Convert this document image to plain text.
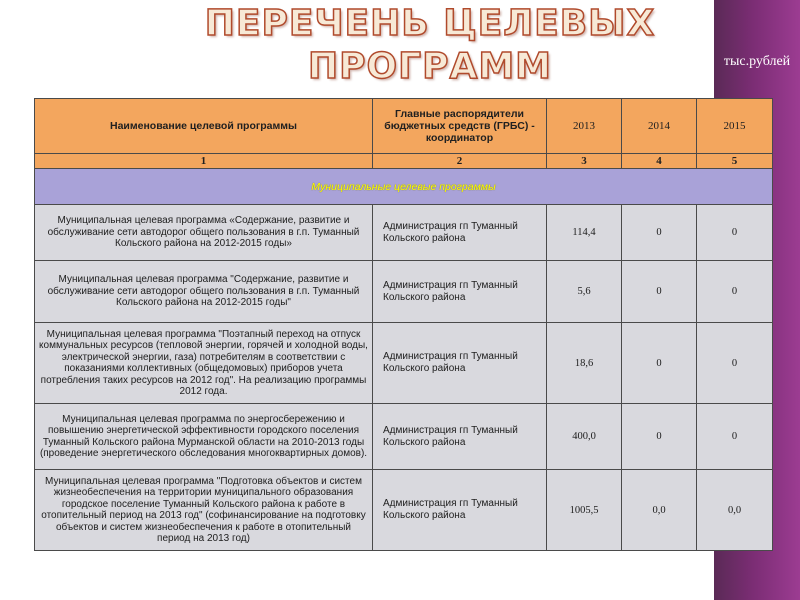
ПЕРЕЧЕНЬ ЦЕЛЕВЫХ
ПРОГРАММ	тыс.рублей
Наименование целевой программы	Главные распорядители бюджетных средств (ГРБС) - координатор	2013	2014	2015
1	2	3	4	5
Муниципальные целевые программы				
Муниципальная целевая программа «Содержание, развитие и обслуживание сети автодорог общего пользования в г.п. Туманный Кольского района на 2012-2015 годы»	Администрация гп Туманный Кольского района	114,4	0	0
Муниципальная целевая программа "Содержание, развитие и обслуживание сети автодорог общего пользования в г.п. Туманный Кольского района на 2012-2015 годы"	Администрация гп Туманный Кольского района	5,6	0	0
Муниципальная целевая программа "Поэтапный переход на отпуск коммунальных ресурсов (тепловой энергии, горячей и холодной воды, электрической энергии, газа) потребителям в соответствии с показаниями коллективных (общедомовых) приборов учета потребления таких ресурсов на 2012 год". На реализацию программы 2012 года.	Администрация гп Туманный Кольского района	18,6	0	0
Муниципальная целевая программа по энергосбережению и повышению энергетической эффективности городского поселения Туманный Кольского района Мурманской области на 2010-2013 годы (проведение энергетического обследования многоквартирных домов).	Администрация гп Туманный Кольского района	400,0	0	0
Муниципальная целевая программа "Подготовка объектов и систем жизнеобеспечения на территории муниципального образования городское поселение Туманный Кольского района к работе в отопительный период на 2013 год" (софинансирование на подготовку объектов и систем жизнеобеспечения к работе в отопительный период на 2013 год)	Администрация гп Туманный Кольского района	1005,5	0,0	0,0
